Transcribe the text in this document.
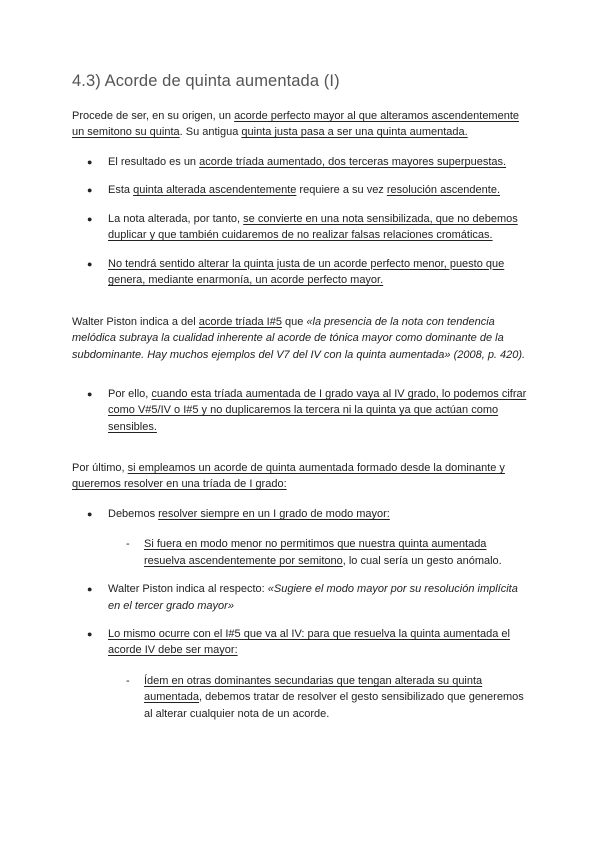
4.3) Acorde de quinta aumentada (I)

Procede de ser, en su origen, un acorde perfecto mayor al que alteramos ascendentemente un semitono su quinta. Su antigua quinta justa pasa a ser una quinta aumentada.

● El resultado es un acorde tríada aumentado, dos terceras mayores superpuestas.
● Esta quinta alterada ascendentemente requiere a su vez resolución ascendente.
● La nota alterada, por tanto, se convierte en una nota sensibilizada, que no debemos duplicar y que también cuidaremos de no realizar falsas relaciones cromáticas.
● No tendrá sentido alterar la quinta justa de un acorde perfecto menor, puesto que genera, mediante enarmonía, un acorde perfecto mayor.

Walter Piston indica a del acorde tríada I#5 que «la presencia de la nota con tendencia melódica subraya la cualidad inherente al acorde de tónica mayor como dominante de la subdominante. Hay muchos ejemplos del V7 del IV con la quinta aumentada» (2008, p. 420).

● Por ello, cuando esta tríada aumentada de I grado vaya al IV grado, lo podemos cifrar como V#5/IV o I#5 y no duplicaremos la tercera ni la quinta ya que actúan como sensibles.

Por último, si empleamos un acorde de quinta aumentada formado desde la dominante y queremos resolver en una tríada de I grado:

● Debemos resolver siempre en un I grado de modo mayor:
- Si fuera en modo menor no permitimos que nuestra quinta aumentada resuelva ascendentemente por semitono, lo cual sería un gesto anómalo.
● Walter Piston indica al respecto: «Sugiere el modo mayor por su resolución implícita en el tercer grado mayor»
● Lo mismo ocurre con el I#5 que va al IV: para que resuelva la quinta aumentada el acorde IV debe ser mayor:
- Ídem en otras dominantes secundarias que tengan alterada su quinta aumentada, debemos tratar de resolver el gesto sensibilizado que generemos al alterar cualquier nota de un acorde.
